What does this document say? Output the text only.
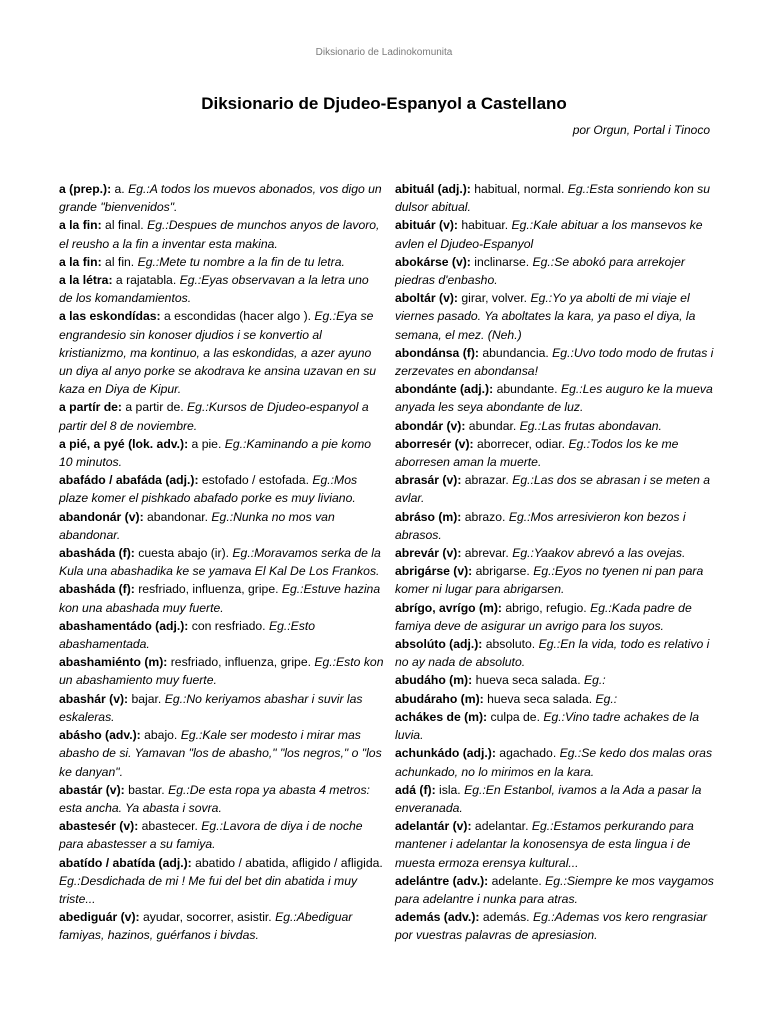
Diksionario de Ladinokomunita
Diksionario de Djudeo-Espanyol a Castellano
por Orgun, Portal i Tinoco

a (prep.): a. Eg.:A todos los muevos abonados, vos digo un grande "bienvenidos".

a la fin: al final. Eg.:Despues de munchos anyos de lavoro, el reusho a la fin a inventar esta makina.

a la fin: al fin. Eg.:Mete tu nombre a la fin de tu letra.

a la létra: a rajatabla. Eg.:Eyas observavan a la letra uno de los komandamientos.

a las eskondídas: a escondidas (hacer algo ). Eg.:Eya se engrandesio sin konoser djudios i se konvertio al kristianizmo, ma kontinuo, a las eskondidas, a azer ayuno un diya al anyo porke se akodrava ke ansina uzavan en su kaza en Diya de Kipur.

a partír de: a partir de. Eg.:Kursos de Djudeo-espanyol a partir del 8 de noviembre.

a pié, a pyé (lok. adv.): a pie. Eg.:Kaminando a pie komo 10 minutos.

abafádo / abafáda (adj.): estofado / estofada. Eg.:Mos plaze komer el pishkado abafado porke es muy liviano.

abandonár (v): abandonar. Eg.:Nunka no mos van abandonar.

abasháda (f): cuesta abajo (ir). Eg.:Moravamos serka de la Kula una abashadika ke se yamava El Kal De Los Frankos.

abasháda (f): resfriado, influenza, gripe. Eg.:Estuve hazina kon una abashada muy fuerte.

abashamentádo (adj.): con resfriado. Eg.:Esto abashamentada.

abashamiénto (m): resfriado, influenza, gripe. Eg.:Esto kon un abashamiento muy fuerte.

abashár (v): bajar. Eg.:No keriyamos abashar i suvir las eskaleras.

abásho (adv.): abajo. Eg.:Kale ser modesto i mirar mas abasho de si. Yamavan "los de abasho," "los negros," o "los ke danyan".

abastár (v): bastar. Eg.:De esta ropa ya abasta 4 metros: esta ancha. Ya abasta i sovra.

abastesér (v): abastecer. Eg.:Lavora de diya i de noche para abastesser a su famiya.

abatído / abatída (adj.): abatido / abatida, afligido / afligida. Eg.:Desdichada de mi ! Me fui del bet din abatida i muy triste...

abediguár (v): ayudar, socorrer, asistir. Eg.:Abediguar famiyas, hazinos, guérfanos i bivdas.

abituál (adj.): habitual, normal. Eg.:Esta sonriendo kon su dulsor abitual.

abituár (v): habituar. Eg.:Kale abituar a los mansevos ke avlen el Djudeo-Espanyol

abokárse (v): inclinarse. Eg.:Se abokó para arrekojer piedras d'enbasho.

aboltár (v): girar, volver. Eg.:Yo ya abolti de mi viaje el viernes pasado. Ya aboltates la kara, ya paso el diya, la semana, el mez. (Neh.)

abondánsa (f): abundancia. Eg.:Uvo todo modo de frutas i zerzevates en abondansa!

abondánte (adj.): abundante. Eg.:Les auguro ke la mueva anyada les seya abondante de luz.

abondár (v): abundar. Eg.:Las frutas abondavan.

aborresér (v): aborrecer, odiar. Eg.:Todos los ke me aborresen aman la muerte.

abrasár (v): abrazar. Eg.:Las dos se abrasan i se meten a avlar.

abráso (m): abrazo. Eg.:Mos arresivieron kon bezos i abrasos.

abrevár (v): abrevar. Eg.:Yaakov abrevó a las ovejas.

abrigárse (v): abrigarse. Eg.:Eyos no tyenen ni pan para komer ni lugar para abrigarsen.

abrígo, avrígo (m): abrigo, refugio. Eg.:Kada padre de famiya deve de asigurar un avrigo para los suyos.

absolúto (adj.): absoluto. Eg.:En la vida, todo es relativo i no ay nada de absoluto.

abudáho (m): hueva seca salada. Eg.:

abudáraho (m): hueva seca salada. Eg.:

achákes de (m): culpa de. Eg.:Vino tadre achakes de la luvia.

achunkádo (adj.): agachado. Eg.:Se kedo dos malas oras achunkado, no lo mirimos en la kara.

adá (f): isla. Eg.:En Estanbol, ivamos a la Ada a pasar la enveranada.

adelantár (v): adelantar. Eg.:Estamos perkurando para mantener i adelantar la konosensya de esta lingua i de muesta ermoza erensya kultural...

adelántre (adv.): adelante. Eg.:Siempre ke mos vaygamos para adelantre i nunka para atras.

además (adv.): además. Eg.:Ademas vos kero rengrasiar por vuestras palavras de apresiasion.
